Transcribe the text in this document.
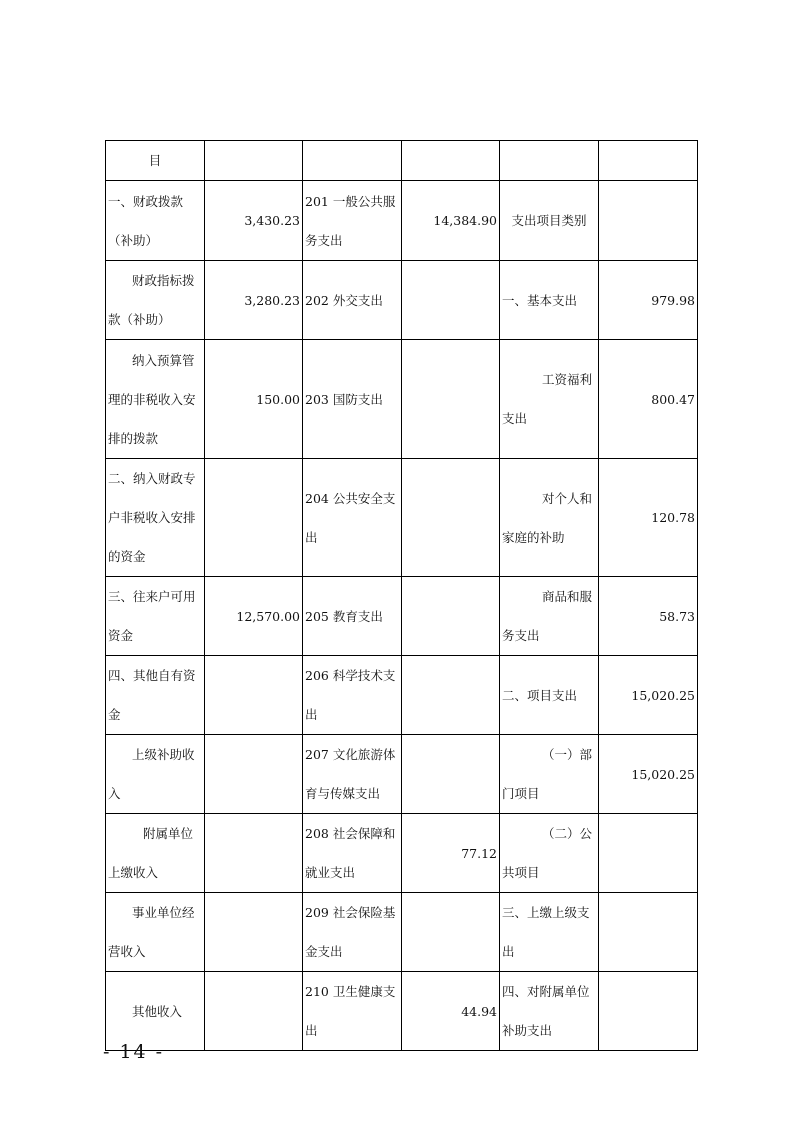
目					
一、财政拨款（补助）	3,430.23	201 一般公共服务支出	14,384.90	支出项目类别	
财政指标拨款（补助）	3,280.23	202 外交支出		一、基本支出	979.98
纳入预算管理的非税收入安排的拨款	150.00	203 国防支出		工资福利支出	800.47
二、纳入财政专户非税收入安排的资金		204 公共安全支出		对个人和家庭的补助	120.78
三、往来户可用资金	12,570.00	205 教育支出		商品和服务支出	58.73
四、其他自有资金		206 科学技术支出		二、项目支出	15,020.25
上级补助收入		207 文化旅游体育与传媒支出		（一）部门项目	15,020.25
附属单位上缴收入		208 社会保障和就业支出	77.12	（二）公共项目	
事业单位经营收入		209 社会保险基金支出		三、上缴上级支出	
其他收入		210 卫生健康支出	44.94	四、对附属单位补助支出	
- 14 -
